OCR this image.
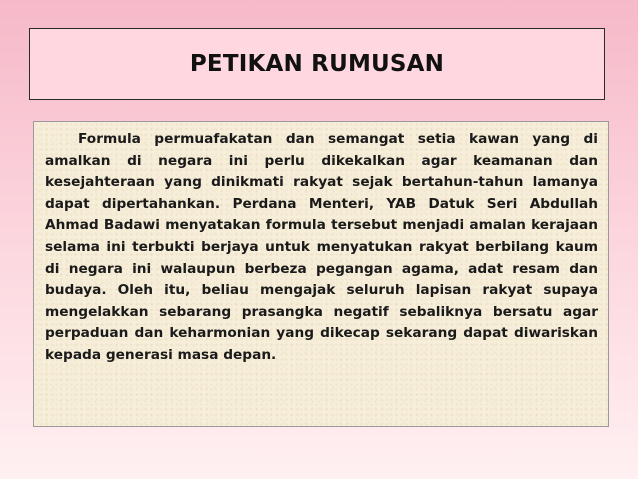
PETIKAN RUMUSAN

Formula permuafakatan dan semangat setia kawan yang di amalkan di negara ini perlu dikekalkan agar keamanan dan kesejahteraan yang dinikmati rakyat sejak bertahun-tahun lamanya dapat dipertahankan. Perdana Menteri, YAB Datuk Seri Abdullah Ahmad Badawi menyatakan formula tersebut menjadi amalan kerajaan selama ini terbukti berjaya untuk menyatukan rakyat berbilang kaum di negara ini walaupun berbeza pegangan agama, adat resam dan budaya. Oleh itu, beliau mengajak seluruh lapisan rakyat supaya mengelakkan sebarang prasangka negatif sebaliknya bersatu agar perpaduan dan keharmonian yang dikecap sekarang dapat diwariskan kepada generasi masa depan.
